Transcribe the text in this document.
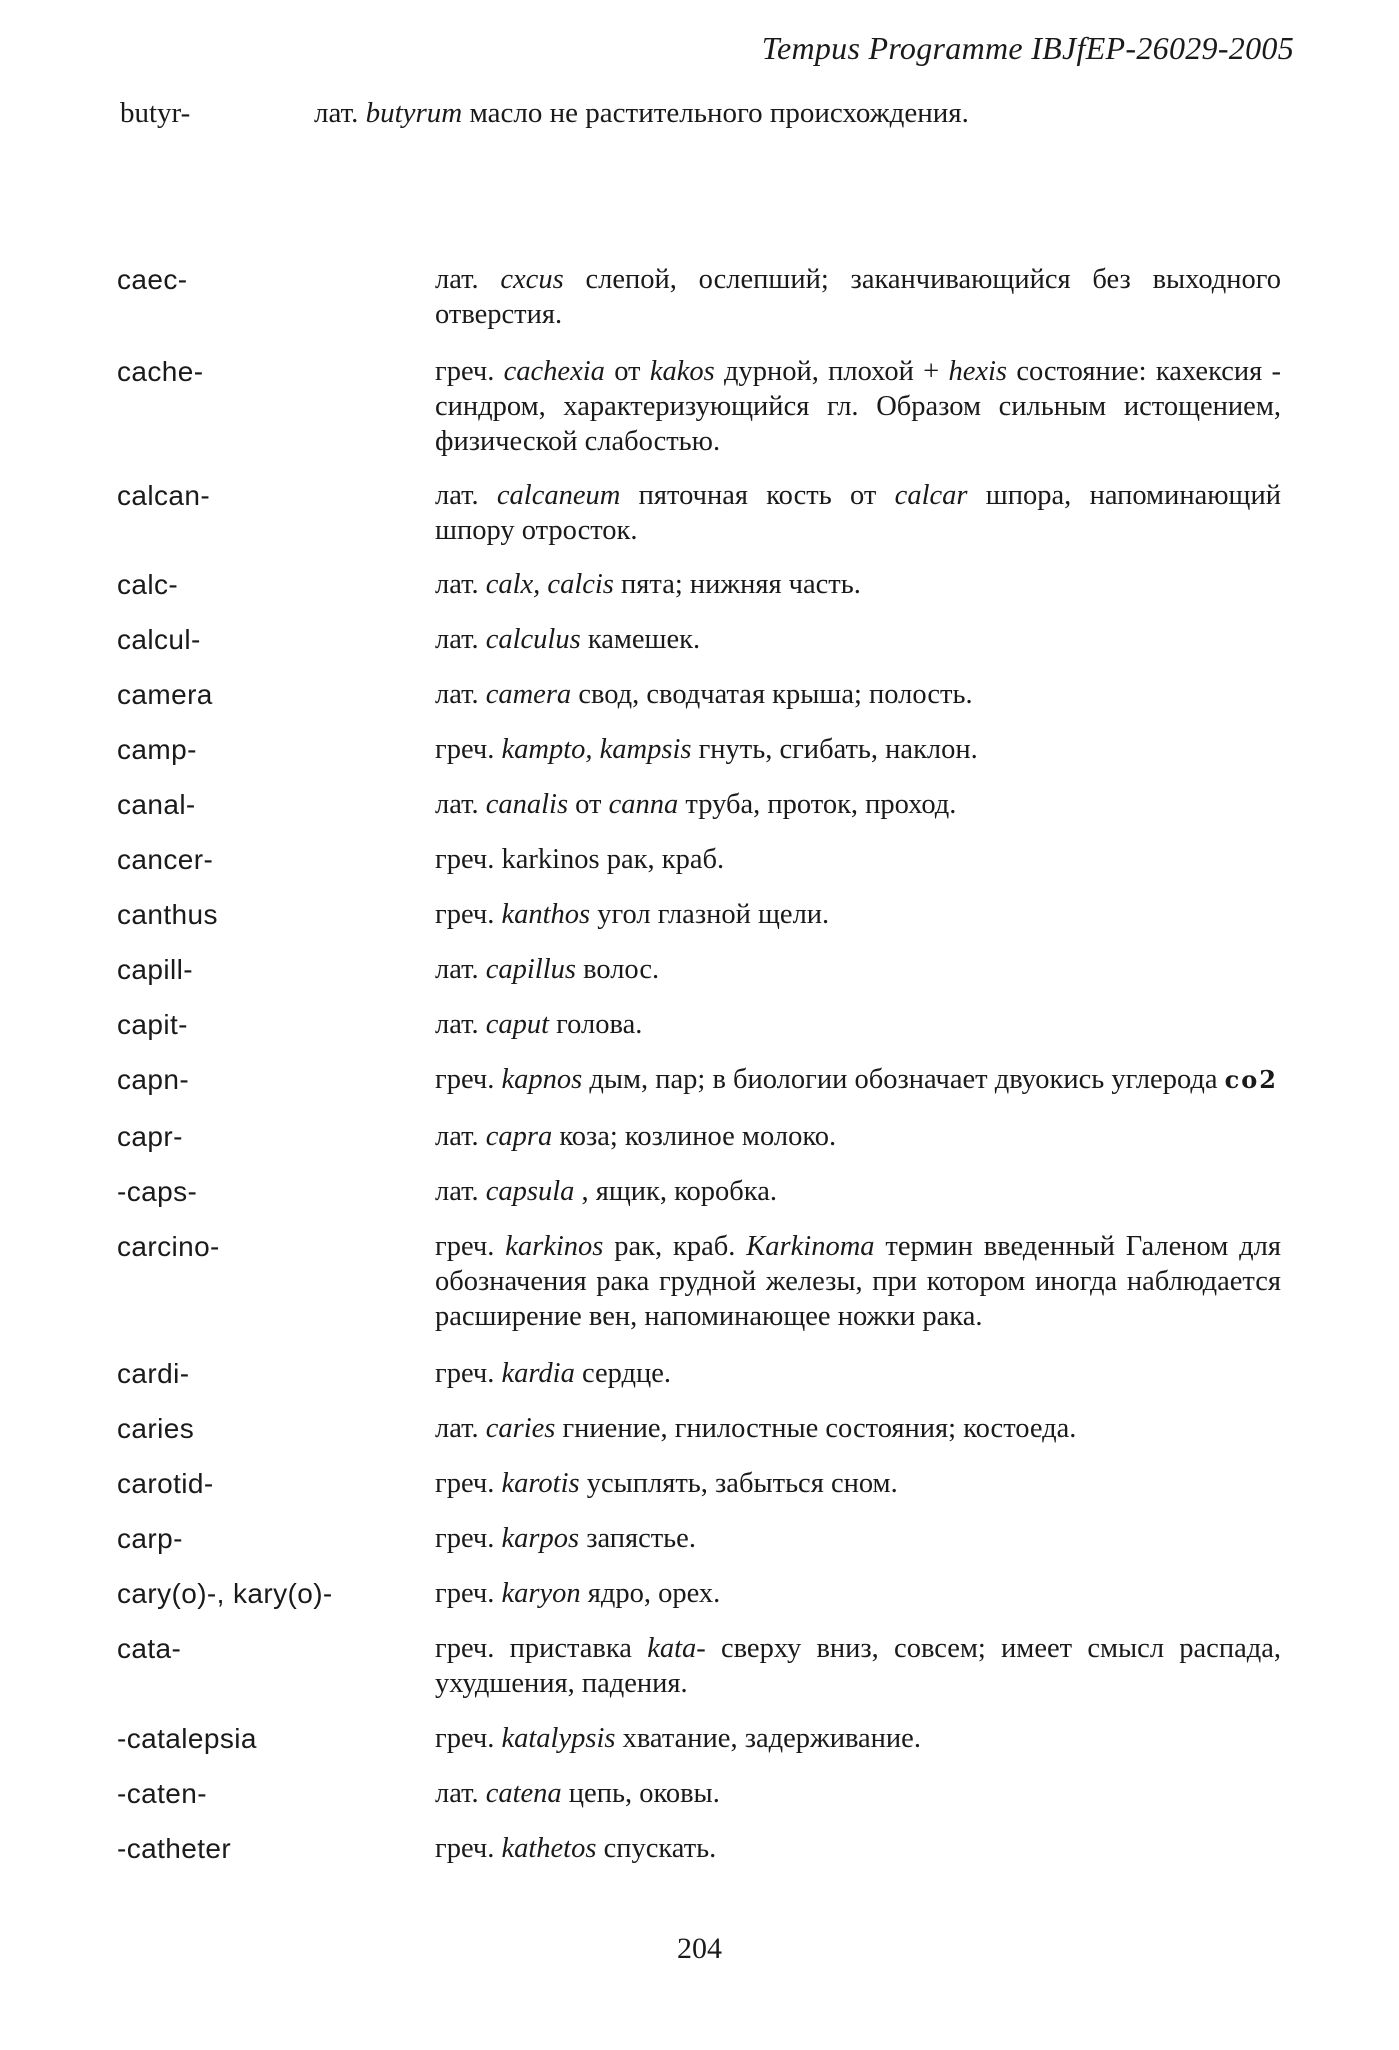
Tempus Programme IBJfEP-26029-2005
butyr-	лат. butyrum масло не растительного происхождения.
caec-	лат. cxcus слепой, ослепший; заканчивающийся без выходного отверстия.
cache-	греч. cachexia от kakos дурной, плохой + hexis состояние: кахексия - синдром, характеризующийся гл. Образом сильным истощением, физической слабостью.
calcan-	лат. calcaneum пяточная кость от calcar шпора, напоминающий шпору отросток.
calc-	лат. calx, calcis пята; нижняя часть.
calcul-	лат. calculus камешек.
camera	лат. camera свод, сводчатая крыша; полость.
camp-	греч. kampto, kampsis гнуть, сгибать, наклон.
canal-	лат. canalis от canna труба, проток, проход.
cancer-	греч. karkinos рак, краб.
canthus	греч. kanthos угол глазной щели.
capill-	лат. capillus волос.
capit-	лат. caput голова.
capn-	греч. kapnos дым, пар; в биологии обозначает двуокись углерода со2
capr-	лат. capra коза; козлиное молоко.
-caps-	лат. capsula , ящик, коробка.
carcino-	греч. karkinos рак, краб. Karkinoma термин введенный Галеном для обозначения рака грудной железы, при котором иногда наблюдается расширение вен, напоминающее ножки рака.
cardi-	греч. kardia сердце.
caries	лат. caries гниение, гнилостные состояния; костоеда.
carotid-	греч. karotis усыплять, забыться сном.
carp-	греч. karpos запястье.
cary(o)-, kary(o)-	греч. karyon ядро, орех.
cata-	греч. приставка kata- сверху вниз, совсем; имеет смысл распада, ухудшения, падения.
-catalepsia	греч. katalypsis хватание, задерживание.
-caten-	лат. catena цепь, оковы.
-catheter	греч. kathetos спускать.
204
